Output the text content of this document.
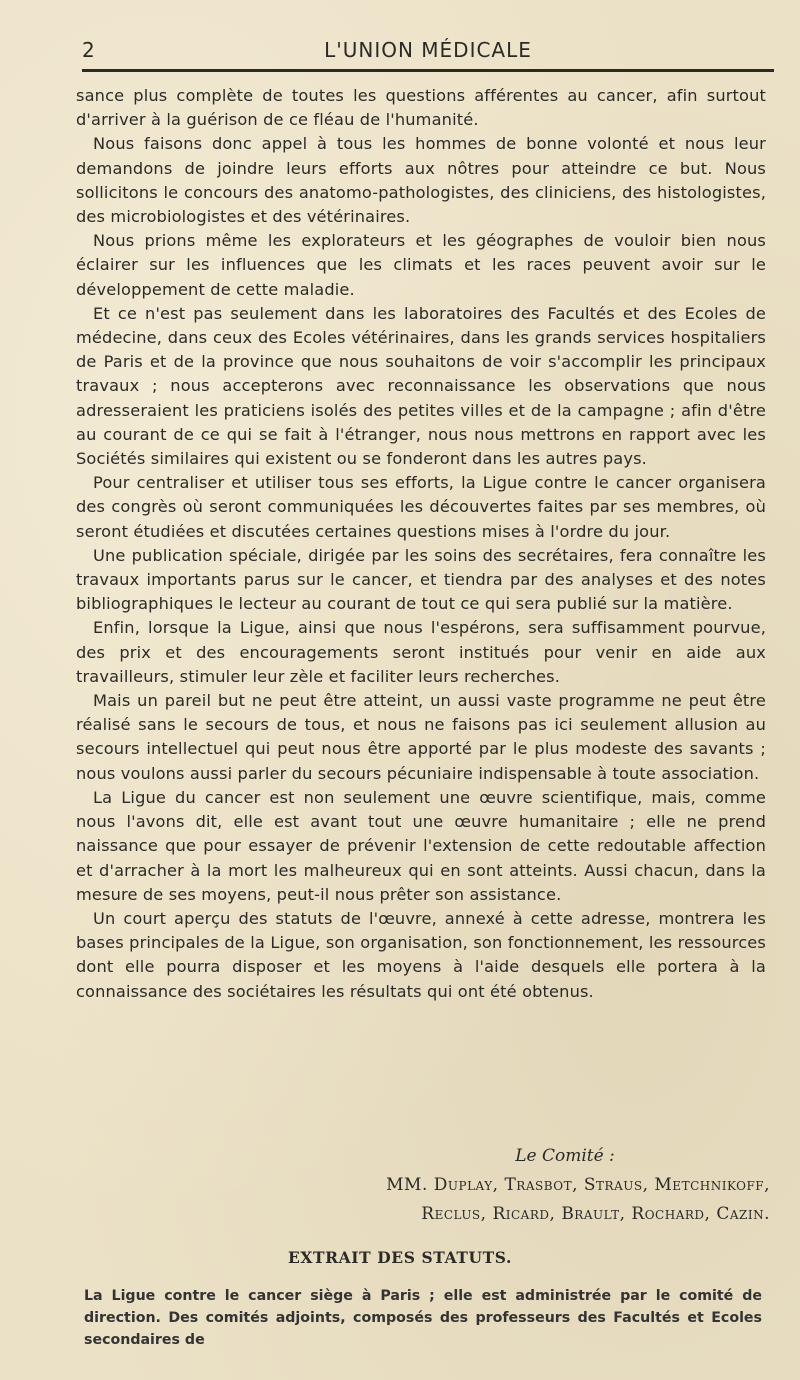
2	L'UNION MÉDICALE

sance plus complète de toutes les questions afférentes au cancer, afin surtout d'arriver à la guérison de ce fléau de l'humanité.

Nous faisons donc appel à tous les hommes de bonne volonté et nous leur demandons de joindre leurs efforts aux nôtres pour atteindre ce but. Nous sollicitons le concours des anatomo-pathologistes, des cliniciens, des histologistes, des microbiologistes et des vétérinaires.

Nous prions même les explorateurs et les géographes de vouloir bien nous éclairer sur les influences que les climats et les races peuvent avoir sur le développement de cette maladie.

Et ce n'est pas seulement dans les laboratoires des Facultés et des Ecoles de médecine, dans ceux des Ecoles vétérinaires, dans les grands services hospitaliers de Paris et de la province que nous souhaitons de voir s'accomplir les principaux travaux ; nous accepterons avec reconnaissance les observations que nous adresseraient les praticiens isolés des petites villes et de la campagne ; afin d'être au courant de ce qui se fait à l'étranger, nous nous mettrons en rapport avec les Sociétés similaires qui existent ou se fonderont dans les autres pays.

Pour centraliser et utiliser tous ses efforts, la Ligue contre le cancer organisera des congrès où seront communiquées les découvertes faites par ses membres, où seront étudiées et discutées certaines questions mises à l'ordre du jour.

Une publication spéciale, dirigée par les soins des secrétaires, fera connaître les travaux importants parus sur le cancer, et tiendra par des analyses et des notes bibliographiques le lecteur au courant de tout ce qui sera publié sur la matière.

Enfin, lorsque la Ligue, ainsi que nous l'espérons, sera suffisamment pourvue, des prix et des encouragements seront institués pour venir en aide aux travailleurs, stimuler leur zèle et faciliter leurs recherches.

Mais un pareil but ne peut être atteint, un aussi vaste programme ne peut être réalisé sans le secours de tous, et nous ne faisons pas ici seulement allusion au secours intellectuel qui peut nous être apporté par le plus modeste des savants ; nous voulons aussi parler du secours pécuniaire indispensable à toute association.

La Ligue du cancer est non seulement une œuvre scientifique, mais, comme nous l'avons dit, elle est avant tout une œuvre humanitaire ; elle ne prend naissance que pour essayer de prévenir l'extension de cette redoutable affection et d'arracher à la mort les malheureux qui en sont atteints. Aussi chacun, dans la mesure de ses moyens, peut-il nous prêter son assistance.

Un court aperçu des statuts de l'œuvre, annexé à cette adresse, montrera les bases principales de la Ligue, son organisation, son fonctionnement, les ressources dont elle pourra disposer et les moyens à l'aide desquels elle portera à la connaissance des sociétaires les résultats qui ont été obtenus.

Le Comité :
MM. Duplay, Trasbot, Straus, Metchnikoff,
Reclus, Ricard, Brault, Rochard, Cazin.
EXTRAIT DES STATUTS.

La Ligue contre le cancer siège à Paris ; elle est administrée par le comité de direction. Des comités adjoints, composés des professeurs des Facultés et Ecoles secondaires de
